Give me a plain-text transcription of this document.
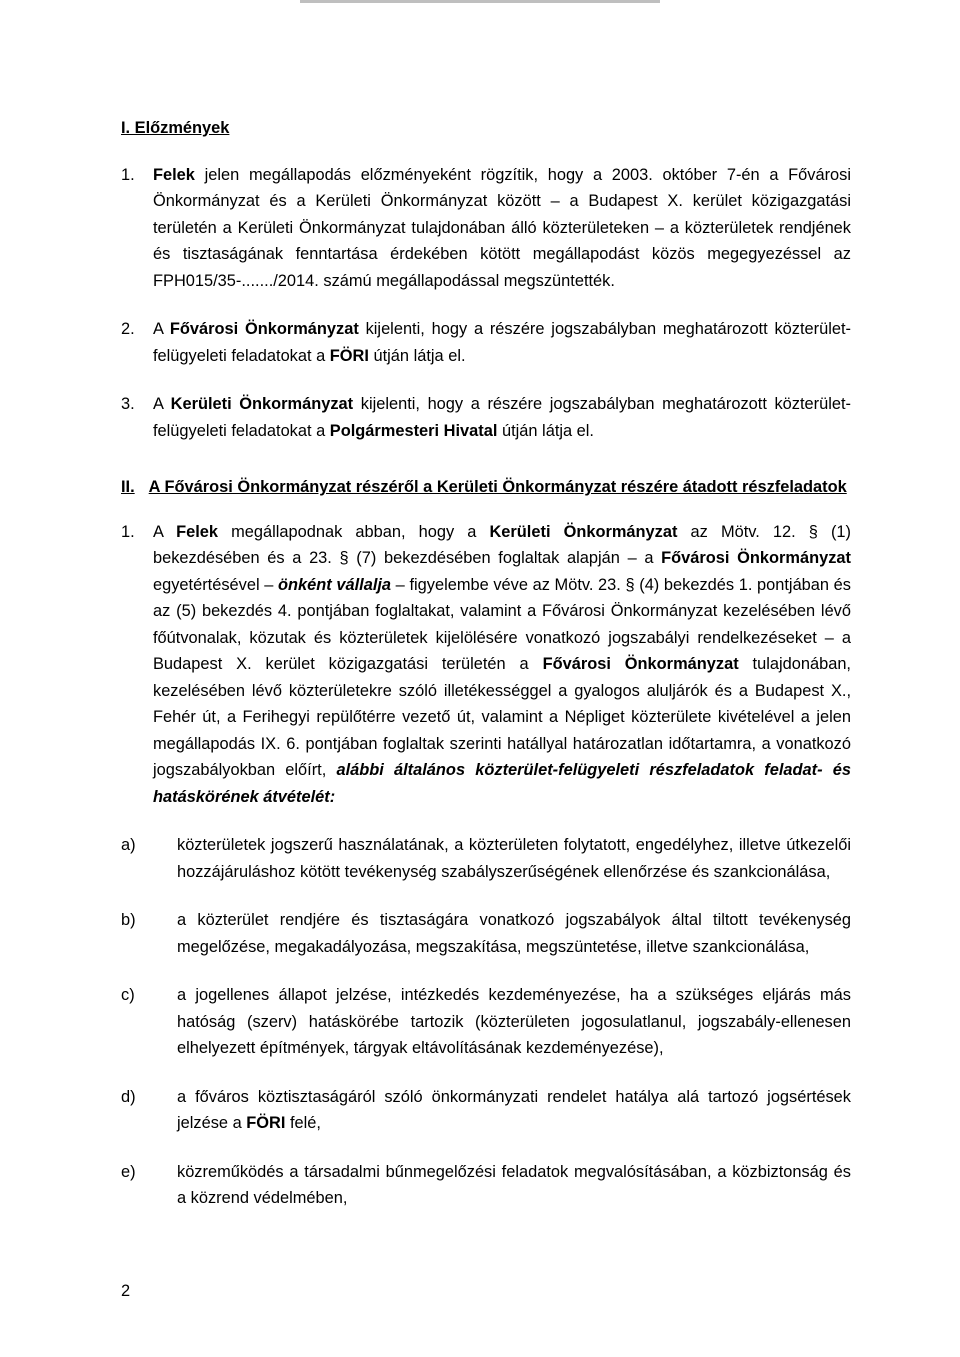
I. Előzmények

1.	Felek jelen megállapodás előzményeként rögzítik, hogy a 2003. október 7-én a Fővárosi Önkormányzat és a Kerületi Önkormányzat között – a Budapest X. kerület közigazgatási területén a Kerületi Önkormányzat tulajdonában álló közterületeken – a közterületek rendjének és tisztaságának fenntartása érdekében kötött megállapodást közös megegyezéssel az FPH015/35-......./2014. számú megállapodással megszüntették.
2.	A Fővárosi Önkormányzat kijelenti, hogy a részére jogszabályban meghatározott közterület-felügyeleti feladatokat a FÖRI útján látja el.
3.	A Kerületi Önkormányzat kijelenti, hogy a részére jogszabályban meghatározott közterület-felügyeleti feladatokat a Polgármesteri Hivatal útján látja el.
II. A Fővárosi Önkormányzat részéről a Kerületi Önkormányzat részére átadott részfeladatok
1.	A Felek megállapodnak abban, hogy a Kerületi Önkormányzat az Mötv. 12. § (1) bekezdésében és a 23. § (7) bekezdésében foglaltak alapján – a Fővárosi Önkormányzat egyetértésével – önként vállalja – figyelembe véve az Mötv. 23. § (4) bekezdés 1. pontjában és az (5) bekezdés 4. pontjában foglaltakat, valamint a Fővárosi Önkormányzat kezelésében lévő főútvonalak, közutak és közterületek kijelölésére vonatkozó jogszabályi rendelkezéseket – a Budapest X. kerület közigazgatási területén a Fővárosi Önkormányzat tulajdonában, kezelésében lévő közterületekre szóló illetékességgel a gyalogos aluljárók és a Budapest X., Fehér út, a Ferihegyi repülőtérre vezető út, valamint a Népliget közterülete kivételével a jelen megállapodás IX. 6. pontjában foglaltak szerinti hatállyal határozatlan időtartamra, a vonatkozó jogszabályokban előírt, alábbi általános közterület-felügyeleti részfeladatok feladat- és hatáskörének átvételét:
a)	közterületek jogszerű használatának, a közterületen folytatott, engedélyhez, illetve útkezelői hozzájáruláshoz kötött tevékenység szabályszerűségének ellenőrzése és szankcionálása,
b)	a közterület rendjére és tisztaságára vonatkozó jogszabályok által tiltott tevékenység megelőzése, megakadályozása, megszakítása, megszüntetése, illetve szankcionálása,
c)	a jogellenes állapot jelzése, intézkedés kezdeményezése, ha a szükséges eljárás más hatóság (szerv) hatáskörébe tartozik (közterületen jogosulatlanul, jogszabály-ellenesen elhelyezett építmények, tárgyak eltávolításának kezdeményezése),
d)	a főváros köztisztaságáról szóló önkormányzati rendelet hatálya alá tartozó jogsértések jelzése a FÖRI felé,
e)	közreműködés a társadalmi bűnmegelőzési feladatok megvalósításában, a közbiztonság és a közrend védelmében,
2
